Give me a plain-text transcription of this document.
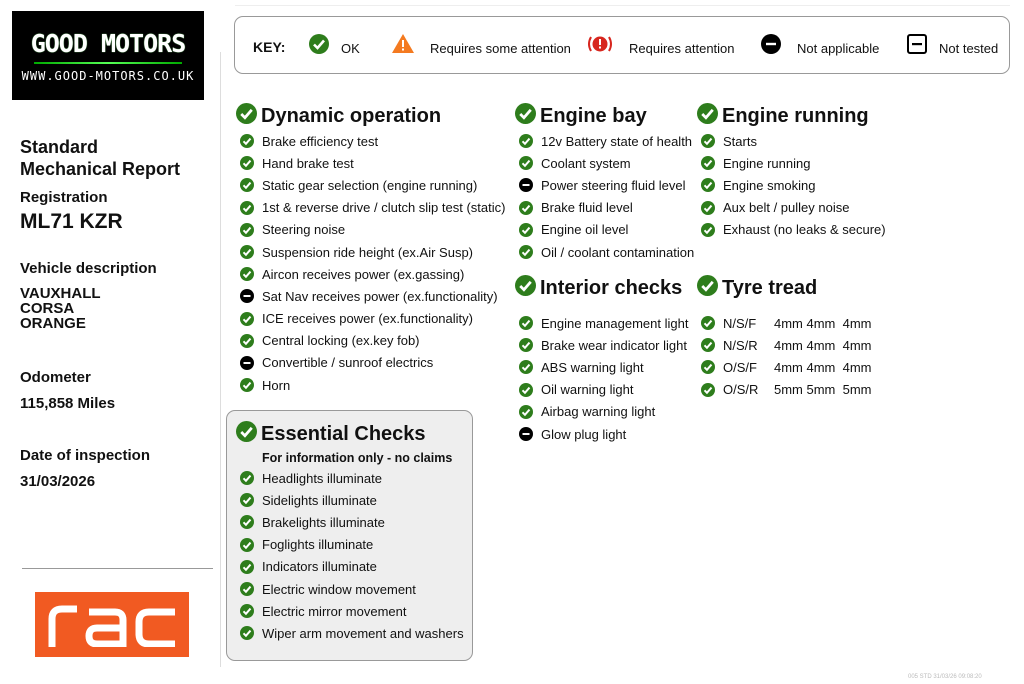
GOOD MOTORS
WWW.GOOD-MOTORS.CO.UK
Standard
Mechanical Report
Registration
ML71 KZR
Vehicle description
VAUXHALL
CORSA
ORANGE
Odometer
115,858 Miles
Date of inspection
31/03/2026
KEY:	OK	Requires some attention	Requires attention	Not applicable	Not tested
Dynamic operation
Brake efficiency test
Hand brake test
Static gear selection (engine running)
1st & reverse drive / clutch slip test (static)
Steering noise
Suspension ride height (ex.Air Susp)
Aircon receives power (ex.gassing)
Sat Nav receives power (ex.functionality)
ICE receives power (ex.functionality)
Central locking (ex.key fob)
Convertible / sunroof electrics
Horn
Engine bay
12v Battery state of health
Coolant system
Power steering fluid level
Brake fluid level
Engine oil level
Oil / coolant contamination
Engine running
Starts
Engine running
Engine smoking
Aux belt / pulley noise
Exhaust (no leaks & secure)
Interior checks
Engine management light
Brake wear indicator light
ABS warning light
Oil warning light
Airbag warning light
Glow plug light
Tyre tread
N/S/F	4mm 4mm  4mm
N/S/R	4mm 4mm  4mm
O/S/F	4mm 4mm  4mm
O/S/R	5mm 5mm  5mm
Essential Checks
For information only - no claims
Headlights illuminate
Sidelights illuminate
Brakelights illuminate
Foglights illuminate
Indicators illuminate
Electric window movement
Electric mirror movement
Wiper arm movement and washers
005 STD 31/03/26 09:08:20
